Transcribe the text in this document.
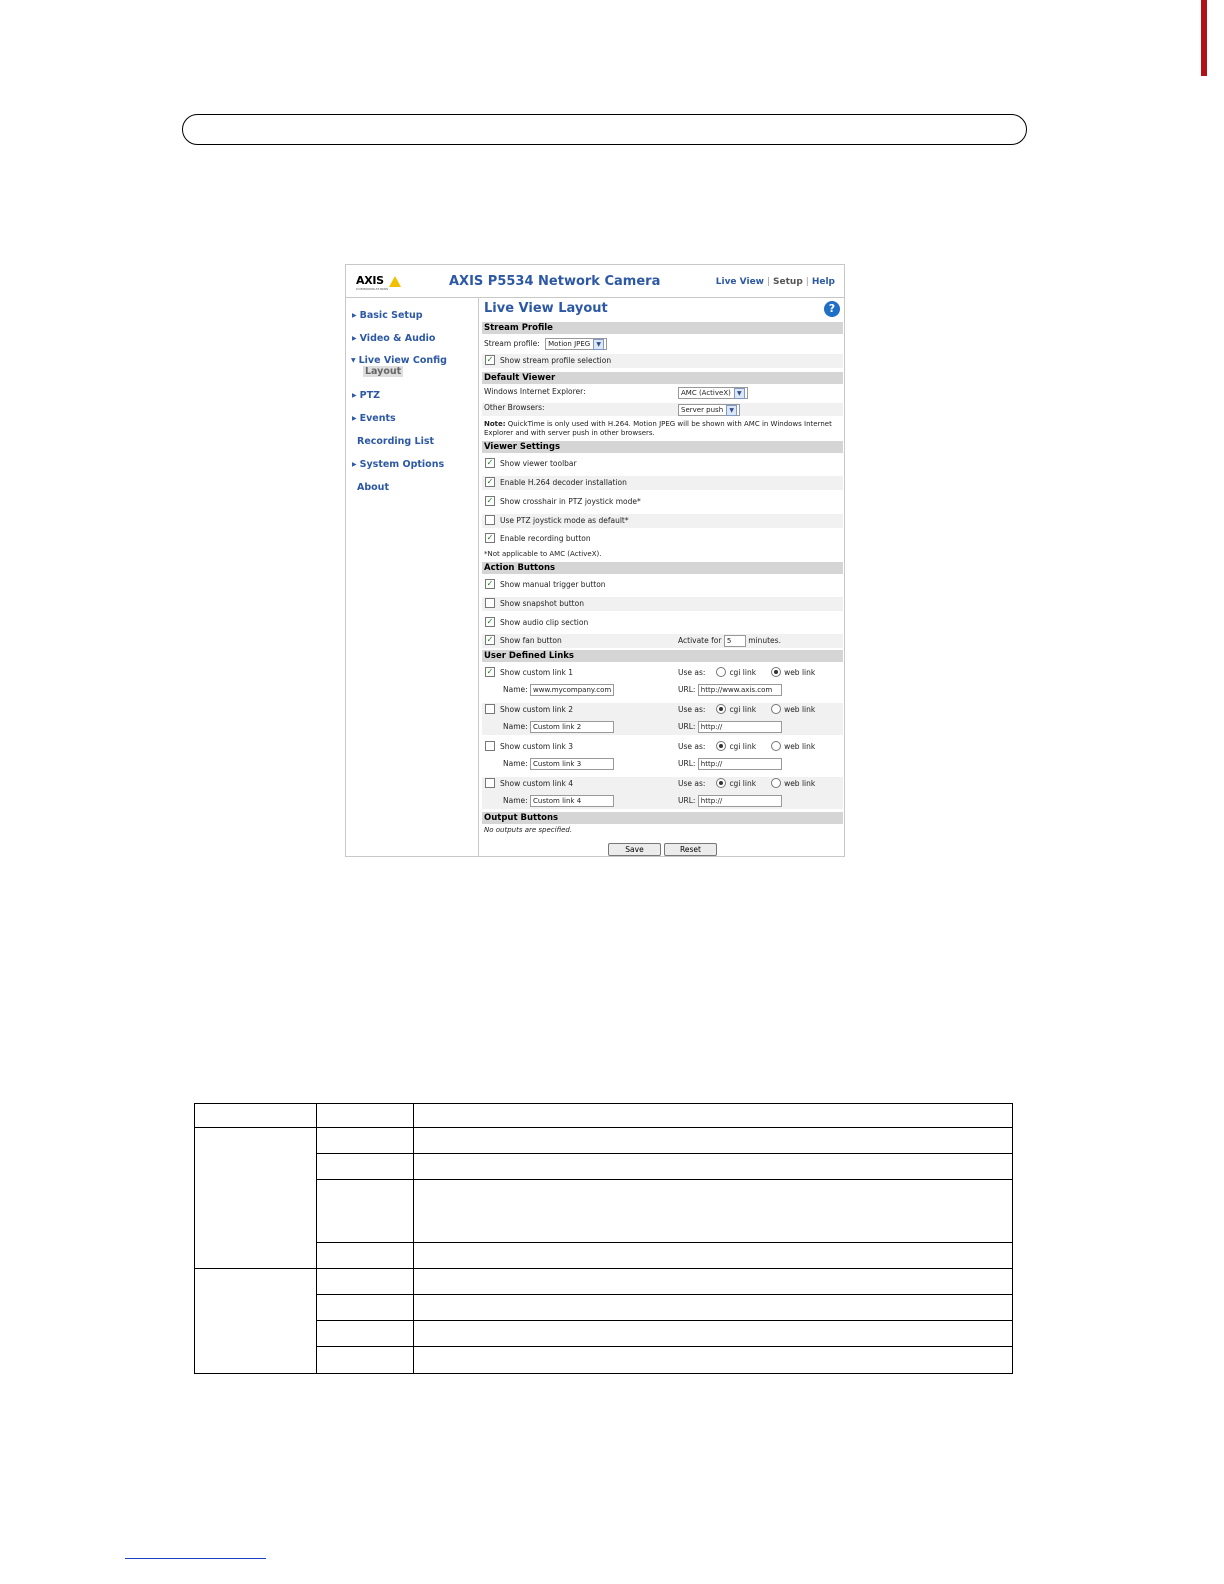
AXIS
COMMUNICATIONS	AXIS P5534 Network Camera	Live View | Setup | Help
▶ Basic Setup
▶ Video & Audio
▼ Live View Config
Layout
▶ PTZ
▶ Events
Recording List
▶ System Options
About
Live View Layout	?
Stream Profile
Stream profile: Motion JPEG ▼
✓ Show stream profile selection
Default Viewer
Windows Internet Explorer:	AMC (ActiveX) ▼
Other Browsers:	Server push ▼
Note: QuickTime is only used with H.264. Motion JPEG will be shown with AMC in Windows Internet Explorer and with server push in other browsers.
Viewer Settings
✓ Show viewer toolbar
✓ Enable H.264 decoder installation
✓ Show crosshair in PTZ joystick mode*
Use PTZ joystick mode as default*
✓ Enable recording button
*Not applicable to AMC (ActiveX).
Action Buttons
✓ Show manual trigger button
Show snapshot button
✓ Show audio clip section
✓ Show fan button	Activate for 5 minutes.
User Defined Links
✓ Show custom link 1	Use as:	cgi link	web link
Name: www.mycompany.com	URL: http://www.axis.com
Show custom link 2	Use as:	cgi link	web link
Name: Custom link 2	URL: http://
Show custom link 3	Use as:	cgi link	web link
Name: Custom link 3	URL: http://
Show custom link 4	Use as:	cgi link	web link
Name: Custom link 4	URL: http://
Output Buttons
No outputs are specified.
Save	Reset
